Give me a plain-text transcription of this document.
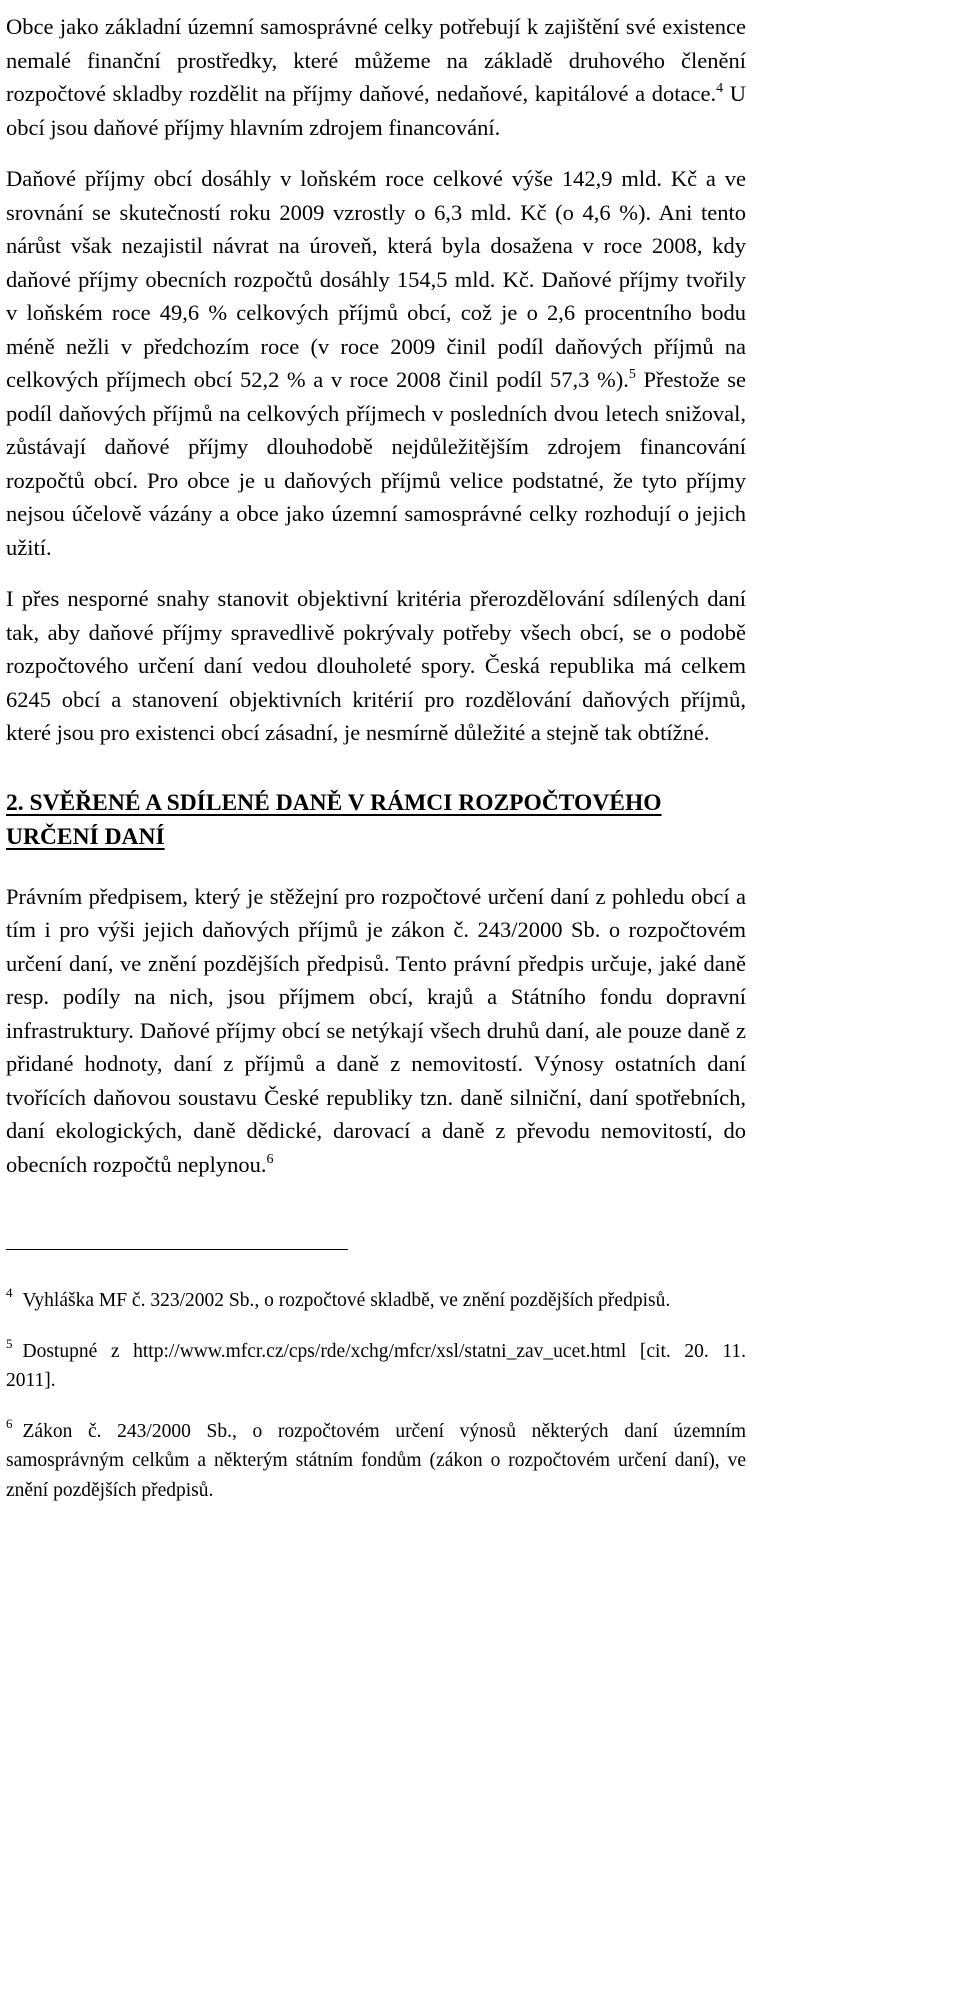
Obce jako základní územní samosprávné celky potřebují k zajištění své existence nemalé finanční prostředky, které můžeme na základě druhového členění rozpočtové skladby rozdělit na příjmy daňové, nedaňové, kapitálové a dotace.$^4$ U obcí jsou daňové příjmy hlavním zdrojem financování.

Daňové příjmy obcí dosáhly v loňském roce celkové výše 142,9 mld. Kč a ve srovnání se skutečností roku 2009 vzrostly o 6,3 mld. Kč (o 4,6 %). Ani tento nárůst však nezajistil návrat na úroveň, která byla dosažena v roce 2008, kdy daňové příjmy obecních rozpočtů dosáhly 154,5 mld. Kč. Daňové příjmy tvořily v loňském roce 49,6 % celkových příjmů obcí, což je o 2,6 procentního bodu méně nežli v předchozím roce (v roce 2009 činil podíl daňových příjmů na celkových příjmech obcí 52,2 % a v roce 2008 činil podíl 57,3 %).$^5$ Přestože se podíl daňových příjmů na celkových příjmech v posledních dvou letech snižoval, zůstávají daňové příjmy dlouhodobě nejdůležitějším zdrojem financování rozpočtů obcí. Pro obce je u daňových příjmů velice podstatné, že tyto příjmy nejsou účelově vázány a obce jako územní samosprávné celky rozhodují o jejich užití.

I přes nesporné snahy stanovit objektivní kritéria přerozdělování sdílených daní tak, aby daňové příjmy spravedlivě pokrývaly potřeby všech obcí, se o podobě rozpočtového určení daní vedou dlouholeté spory. Česká republika má celkem 6245 obcí a stanovení objektivních kritérií pro rozdělování daňových příjmů, které jsou pro existenci obcí zásadní, je nesmírně důležité a stejně tak obtížné.

2. SVĚŘENÉ A SDÍLENÉ DANĚ V RÁMCI ROZPOČTOVÉHO URČENÍ DANÍ

Právním předpisem, který je stěžejní pro rozpočtové určení daní z pohledu obcí a tím i pro výši jejich daňových příjmů je zákon č. 243/2000 Sb. o rozpočtovém určení daní, ve znění pozdějších předpisů. Tento právní předpis určuje, jaké daně resp. podíly na nich, jsou příjmem obcí, krajů a Státního fondu dopravní infrastruktury. Daňové příjmy obcí se netýkají všech druhů daní, ale pouze daně z přidané hodnoty, daní z příjmů a daně z nemovitostí. Výnosy ostatních daní tvořících daňovou soustavu České republiky tzn. daně silniční, daní spotřebních, daní ekologických, daně dědické, darovací a daně z převodu nemovitostí, do obecních rozpočtů neplynou.$^6$

$^4$ Vyhláška MF č. 323/2002 Sb., o rozpočtové skladbě, ve znění pozdějších předpisů.

$^5$ Dostupné z http://www.mfcr.cz/cps/rde/xchg/mfcr/xsl/statni_zav_ucet.html [cit. 20. 11. 2011].

$^6$ Zákon č. 243/2000 Sb., o rozpočtovém určení výnosů některých daní územním samosprávným celkům a některým státním fondům (zákon o rozpočtovém určení daní), ve znění pozdějších předpisů.
